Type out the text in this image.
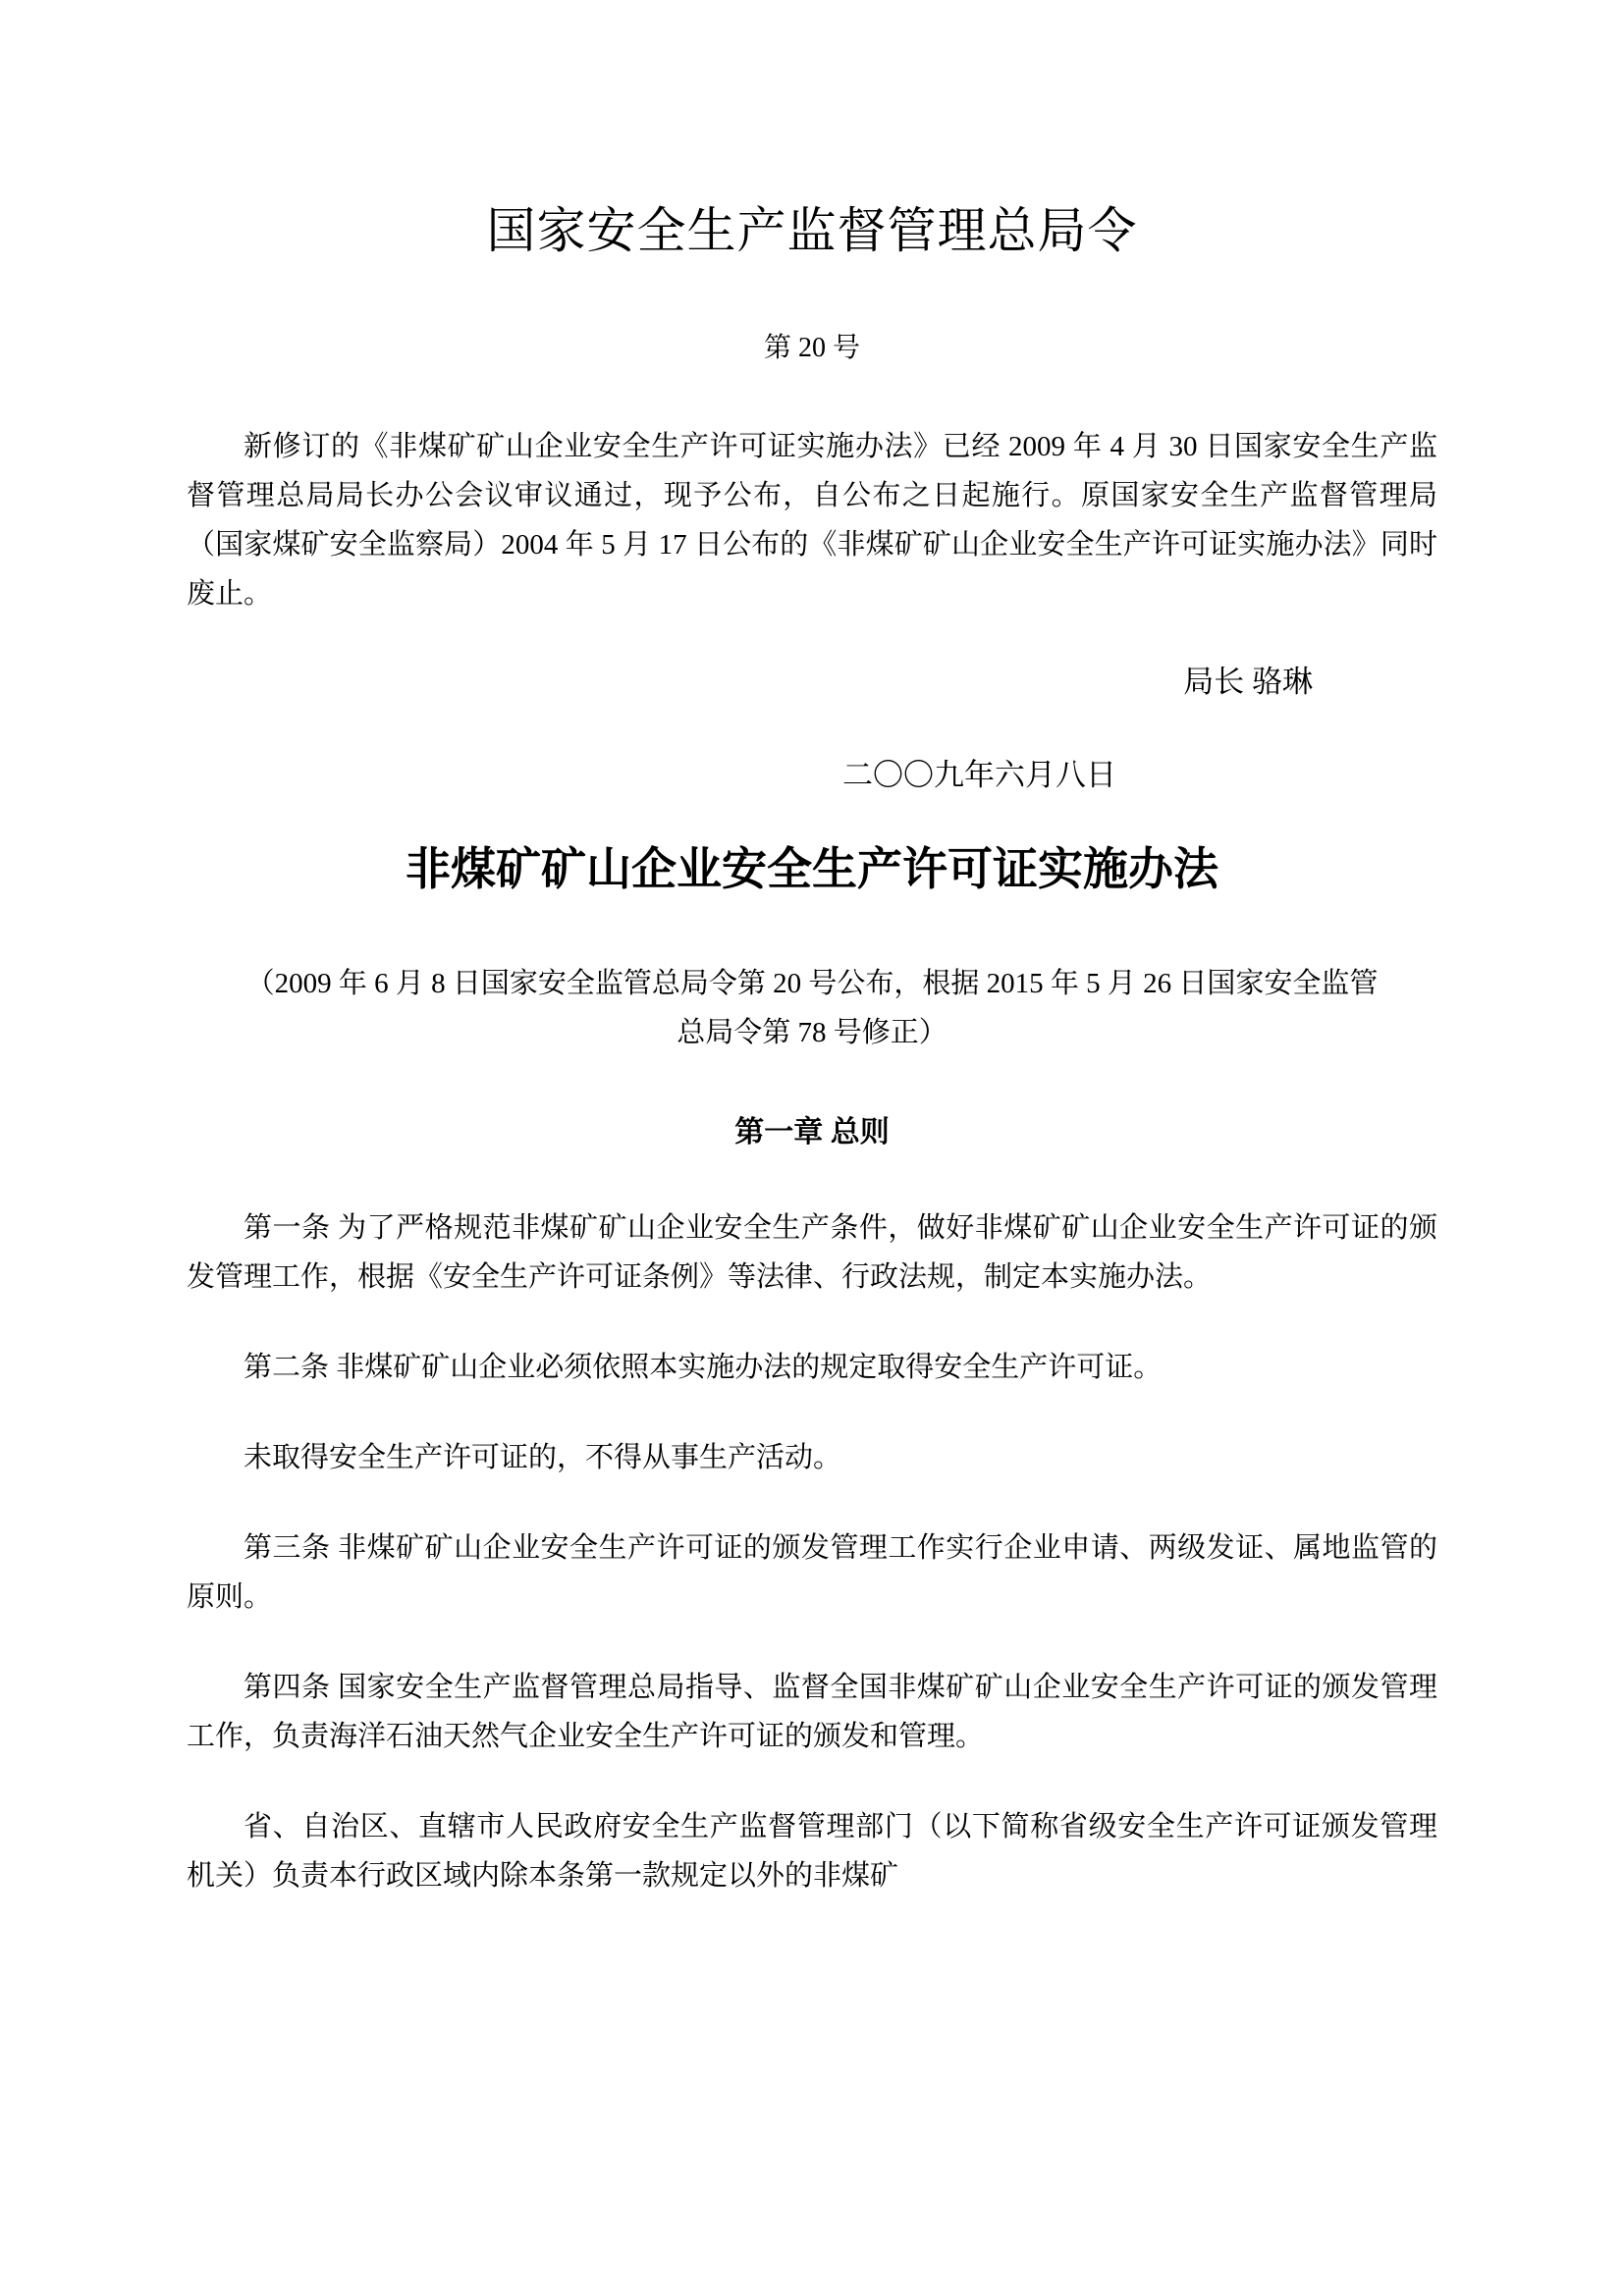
国家安全生产监督管理总局令
第 20 号

新修订的《非煤矿矿山企业安全生产许可证实施办法》已经 2009 年 4 月 30 日国家安全生产监督管理总局局长办公会议审议通过，现予公布，自公布之日起施行。原国家安全生产监督管理局（国家煤矿安全监察局）2004 年 5 月 17 日公布的《非煤矿矿山企业安全生产许可证实施办法》同时废止。

局长 骆琳
二〇〇九年六月八日
非煤矿矿山企业安全生产许可证实施办法
（2009 年 6 月 8 日国家安全监管总局令第 20 号公布，根据 2015 年 5 月 26 日国家安全监管总局令第 78 号修正）
第一章 总则

第一条 为了严格规范非煤矿矿山企业安全生产条件，做好非煤矿矿山企业安全生产许可证的颁发管理工作，根据《安全生产许可证条例》等法律、行政法规，制定本实施办法。

第二条 非煤矿矿山企业必须依照本实施办法的规定取得安全生产许可证。

未取得安全生产许可证的，不得从事生产活动。

第三条 非煤矿矿山企业安全生产许可证的颁发管理工作实行企业申请、两级发证、属地监管的原则。

第四条 国家安全生产监督管理总局指导、监督全国非煤矿矿山企业安全生产许可证的颁发管理工作，负责海洋石油天然气企业安全生产许可证的颁发和管理。

省、自治区、直辖市人民政府安全生产监督管理部门（以下简称省级安全生产许可证颁发管理机关）负责本行政区域内除本条第一款规定以外的非煤矿
